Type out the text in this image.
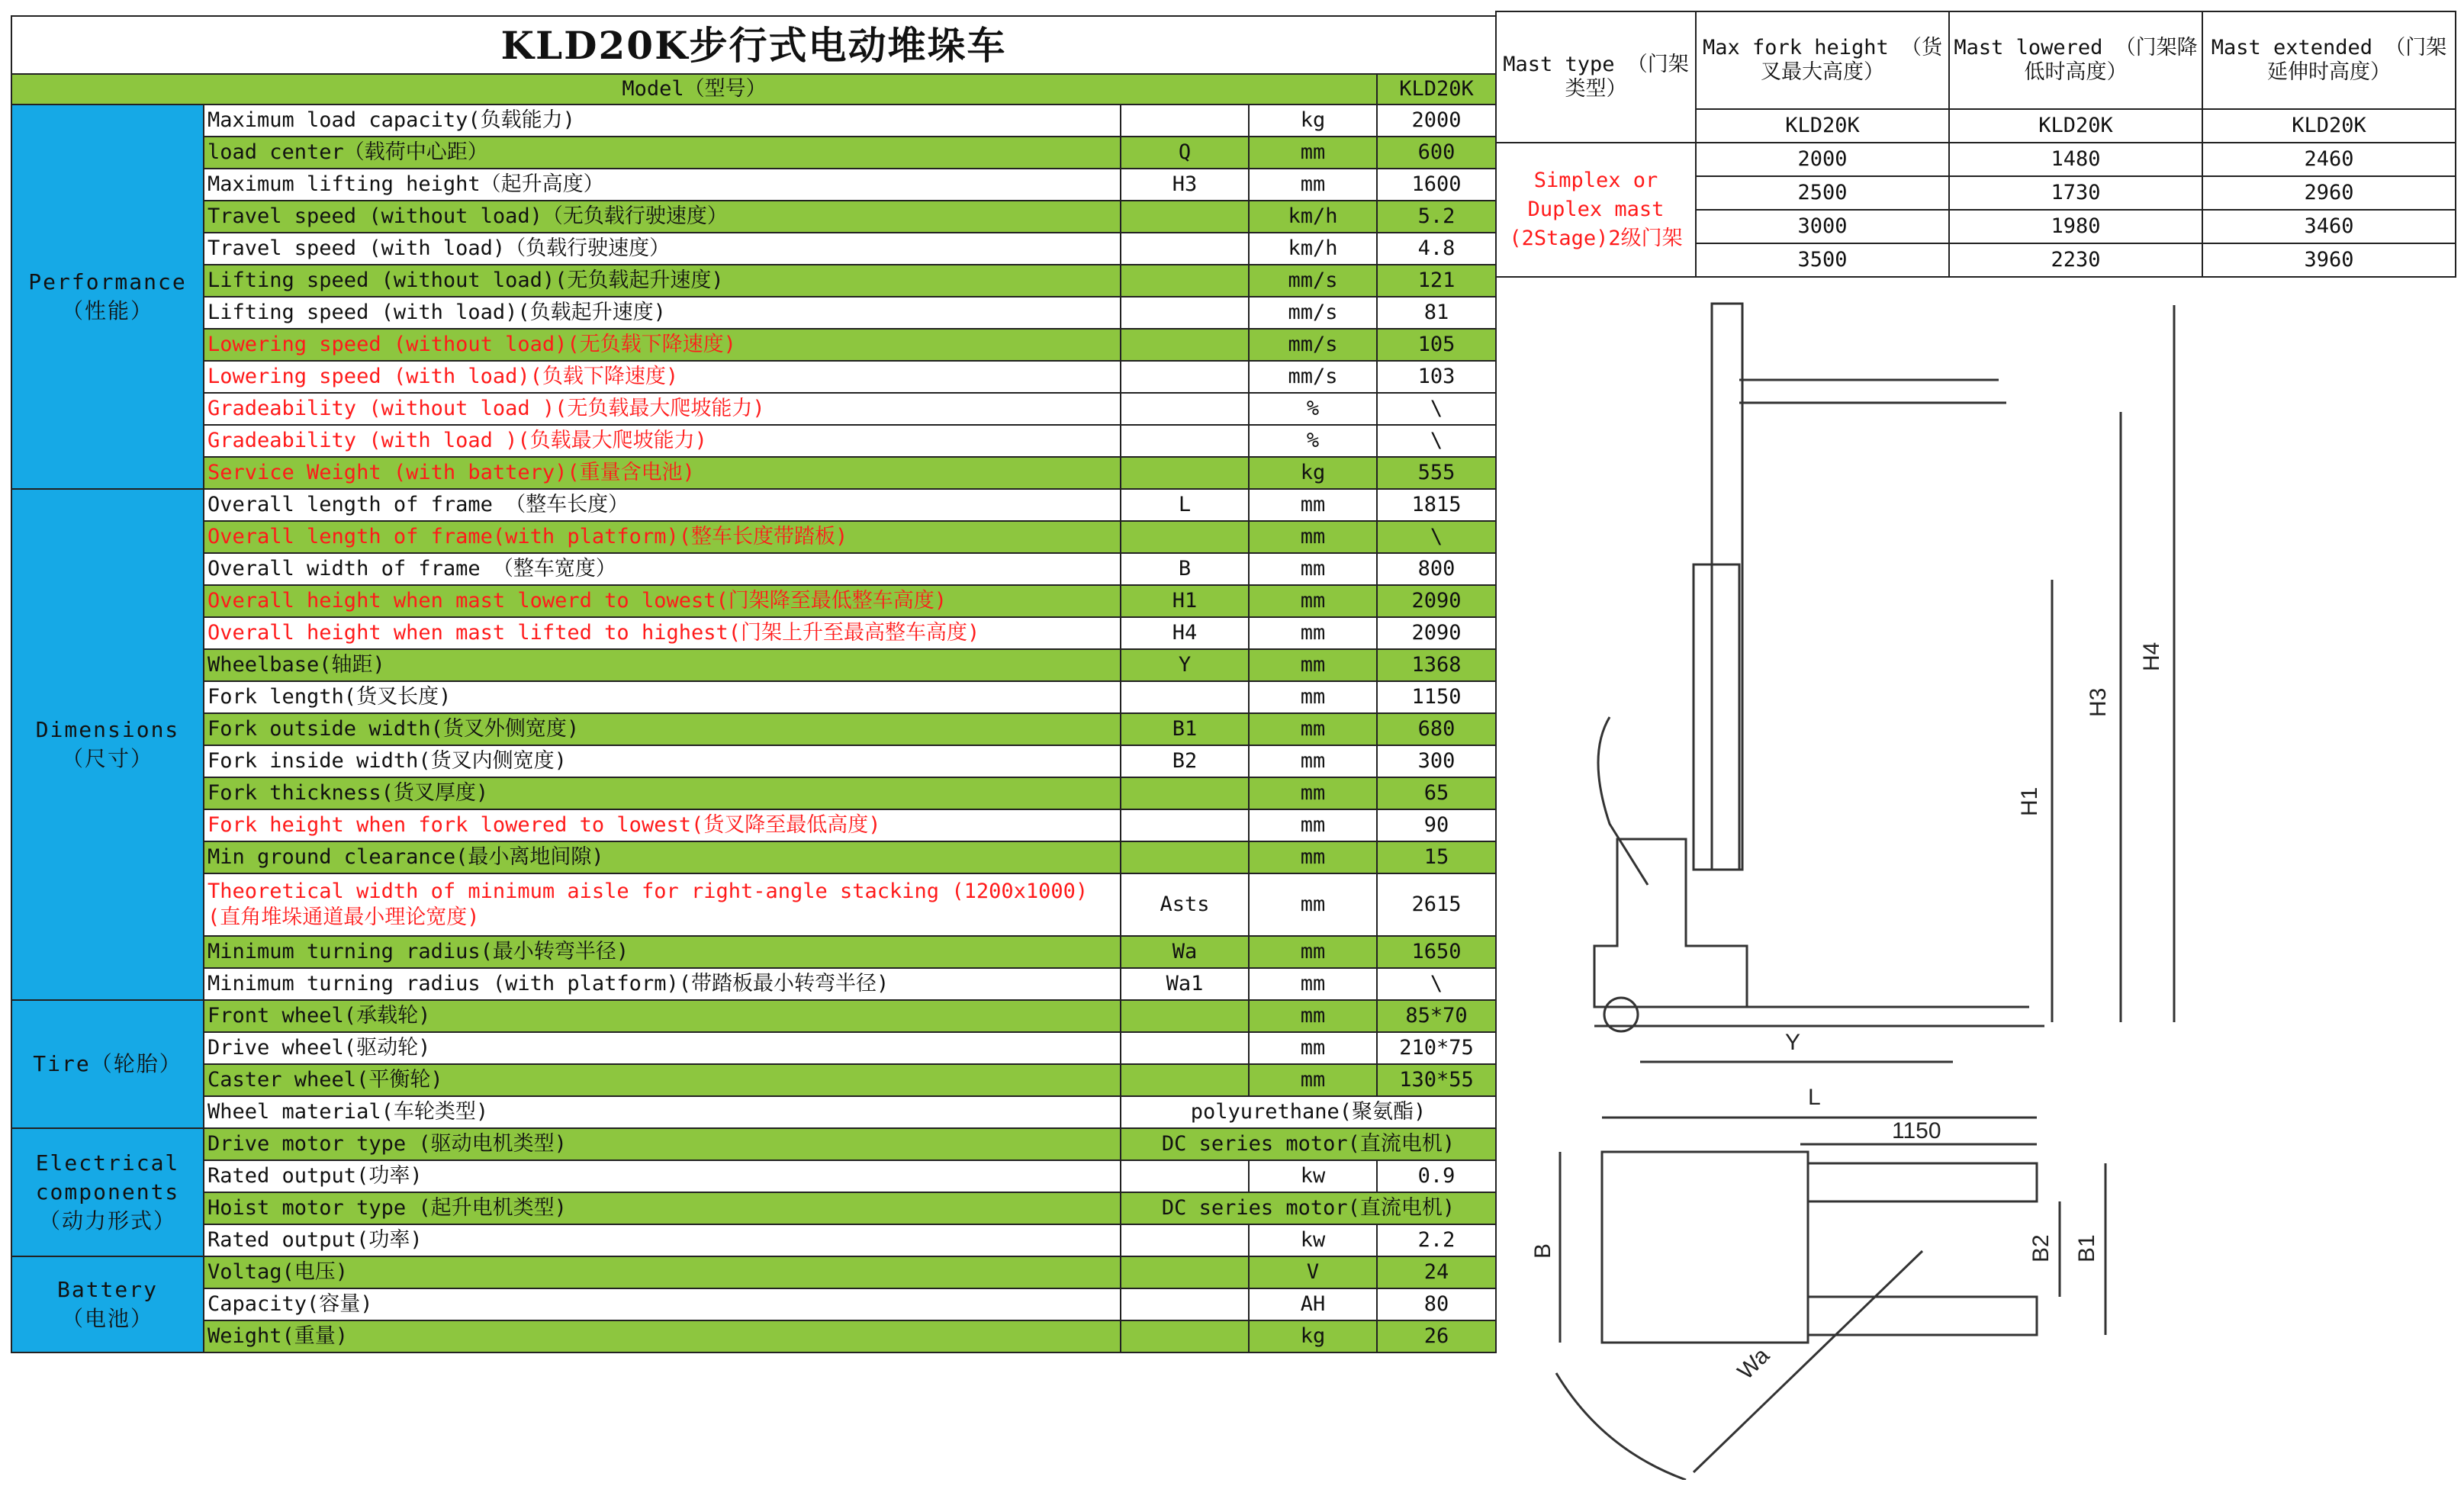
KLD20K步行式电动堆垛车				
Model（型号）				KLD20K
Performance
（性能）	Maximum load capacity(负载能力)		kg	2000
	load center（载荷中心距）	Q	mm	600
	Maximum lifting height（起升高度）	H3	mm	1600
	Travel speed (without load)（无负载行驶速度）		km/h	5.2
	Travel speed (with load)（负载行驶速度）		km/h	4.8
	Lifting speed (without load)(无负载起升速度)		mm/s	121
	Lifting speed (with load)(负载起升速度)		mm/s	81
	Lowering speed (without load)(无负载下降速度)		mm/s	105
	Lowering speed (with load)(负载下降速度)		mm/s	103
	Gradeability (without load )(无负载最大爬坡能力)		%	\
	Gradeability (with load )(负载最大爬坡能力)		%	\
	Service Weight (with battery)(重量含电池)		kg	555
Dimensions
（尺寸）	Overall length of frame （整车长度）	L	mm	1815
	Overall length of frame(with platform)(整车长度带踏板)		mm	\
	Overall width of frame （整车宽度）	B	mm	800
	Overall height when mast lowerd to lowest(门架降至最低整车高度)	H1	mm	2090
	Overall height when mast lifted to highest(门架上升至最高整车高度)	H4	mm	2090
	Wheelbase(轴距)	Y	mm	1368
	Fork length(货叉长度)		mm	1150
	Fork outside width(货叉外侧宽度)	B1	mm	680
	Fork inside width(货叉内侧宽度)	B2	mm	300
	Fork thickness(货叉厚度)		mm	65
	Fork height when fork lowered to lowest(货叉降至最低高度)		mm	90
	Min ground clearance(最小离地间隙)		mm	15
	Theoretical width of minimum aisle for right-angle stacking (1200x1000)(直角堆垛通道最小理论宽度)	Asts	mm	2615
	Minimum turning radius(最小转弯半径)	Wa	mm	1650
	Minimum turning radius (with platform)(带踏板最小转弯半径)	Wa1	mm	\
Tire（轮胎）	Front wheel(承载轮)		mm	85*70
	Drive wheel(驱动轮)		mm	210*75
	Caster wheel(平衡轮)		mm	130*55
	Wheel material(车轮类型)	polyurethane(聚氨酯)		
Electrical
components
（动力形式）	Drive motor type (驱动电机类型)	DC series motor(直流电机)		
	Rated output(功率)		kw	0.9
	Hoist motor type (起升电机类型)	DC series motor(直流电机)		
	Rated output(功率)		kw	2.2
Battery
（电池）	Voltag(电压)		V	24
	Capacity(容量)		AH	80
	Weight(重量)		kg	26
Mast type （门架类型）	Max fork height （货叉最大高度）	Mast lowered （门架降低时高度）	Mast extended （门架延伸时高度）
	KLD20K	KLD20K	KLD20K
Simplex or
Duplex mast
(2Stage)2级门架	2000	1480	2460
	2500	1730	2960
	3000	1980	3460
	3500	2230	3960
H4
H3
H1
Y
L
1150
B	B2 B1
Wa
